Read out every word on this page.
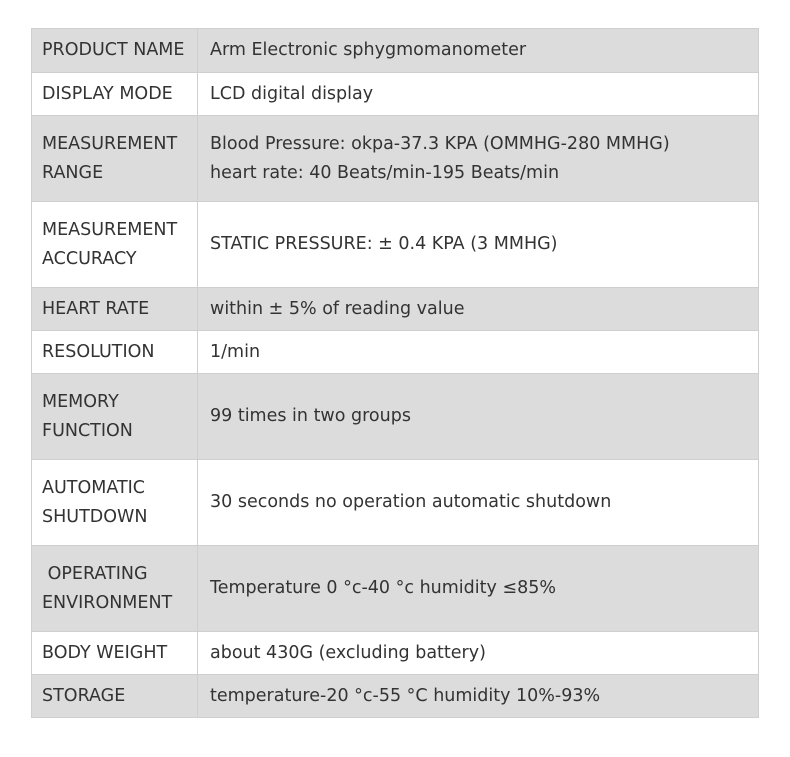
PRODUCT NAME	Arm Electronic sphygmomanometer

DISPLAY MODE	LCD digital display

MEASUREMENT
RANGE	Blood Pressure: okpa-37.3 KPA (OMMHG-280 MMHG)
heart rate: 40 Beats/min-195 Beats/min

MEASUREMENT
ACCURACY	STATIC PRESSURE: ± 0.4 KPA (3 MMHG)

HEART RATE	within ± 5% of reading value

RESOLUTION	1/min

MEMORY
FUNCTION	99 times in two groups

AUTOMATIC
SHUTDOWN	30 seconds no operation automatic shutdown

OPERATING
ENVIRONMENT	Temperature 0 °c-40 °c humidity ≤85%

BODY WEIGHT	about 430G (excluding battery)

STORAGE	temperature-20 °c-55 °C humidity 10%-93%
